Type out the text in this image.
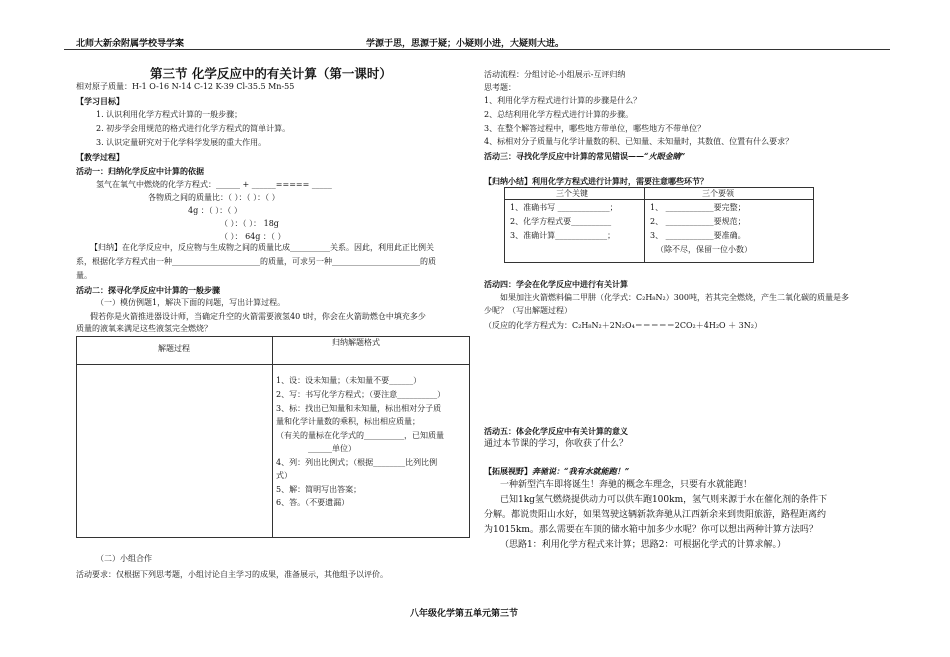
北师大新余附属学校导学案	学源于思，思源于疑；小疑则小进，大疑则大进。
第三节 化学反应中的有关计算（第一课时）
相对原子质量：H-1 O-16 N-14 C-12 K-39 Cl-35.5 Mn-55
【学习目标】
1. 认识利用化学方程式计算的一般步骤；
2. 初步学会用规范的格式进行化学方程式的简单计算。
3. 认识定量研究对于化学科学发展的重大作用。
【教学过程】
活动一：归纳化学反应中计算的依据
氢气在氧气中燃烧的化学方程式：______ + ______===== _____
各物质之间的质量比：（ ）：（ ）：（ ）
4g ：（ ）：（ ）
（ ）：（ ）： 18g
（ ）： 64g ：（ ）
【归纳】在化学反应中，反应物与生成物之间的质量比成__________关系。因此，利用此正比例关
系，根据化学方程式由一种______________________的质量，可求另一种______________________的质
量。
活动二：探寻化学反应中计算的一般步骤
（一）模仿例题1，解决下面的问题，写出计算过程。
假若你是火箭推进器设计师，当确定升空的火箭需要液氢40 t时，你会在火箭助燃仓中填充多少
质量的液氧来满足这些液氢完全燃烧？
解题过程
归纳解题格式
1、设：设未知量；（未知量不要______）
2、写：书写化学方程式；（要注意__________）
3、标：找出已知量和未知量，标出相对分子质
量和化学计量数的乘积，标出相应质量；
（有关的量标在化学式的__________，已知质量
______单位）
4、列：列出比例式；（根据________比列比例
式）
5、解：简明写出答案；
6、答。（不要遗漏）
（二）小组合作
活动要求：仅根据下列思考题，小组讨论自主学习的成果，准备展示，其他组予以评价。
活动流程：分组讨论-小组展示-互评归纳
思考题：
1、利用化学方程式进行计算的步骤是什么？
2、总结利用化学方程式进行计算的步骤。
3、在整个解答过程中，哪些地方带单位，哪些地方不带单位？
4、标相对分子质量与化学计量数的积、已知量、未知量时，其数值、位置有什么要求？
活动三：寻找化学反应中计算的常见错误——“火眼金睛”
【归纳小结】利用化学方程式进行计算时，需要注意哪些环节？
三个关键	三个要领
1、准确书写 _____________；
2、化学方程式要__________
3、准确计算_____________；
1、 ____________要完整；
2、 ____________要规范；
3、 ____________要准确。
（除不尽，保留一位小数）
活动四：学会在化学反应中进行有关计算
如果加注火箭燃料偏二甲肼（化学式：C₂H₈N₂）300吨，若其完全燃烧，产生二氧化碳的质量是多
少呢？（写出解题过程）
（反应的化学方程式为：C₂H₈N₂＋2N₂O₄＝＝＝＝＝2CO₂＋4H₂O ＋ 3N₂）
活动五：体会化学反应中有关计算的意义
通过本节课的学习，你收获了什么？
【拓展视野】奔驰说：“我有水就能跑！”
一种新型汽车即将诞生！奔驰的概念车理念，只要有水就能跑！
已知1kg氢气燃烧提供动力可以供车跑100km，氢气则来源于水在催化剂的条件下
分解。都说贵阳山水好，如果驾驶这辆新款奔驰从江西新余来到贵阳旅游，路程距离约
为1015km。那么需要在车顶的储水箱中加多少水呢？你可以想出两种计算方法吗？
（思路1：利用化学方程式来计算；思路2：可根据化学式的计算求解。）
八年级化学第五单元第三节
